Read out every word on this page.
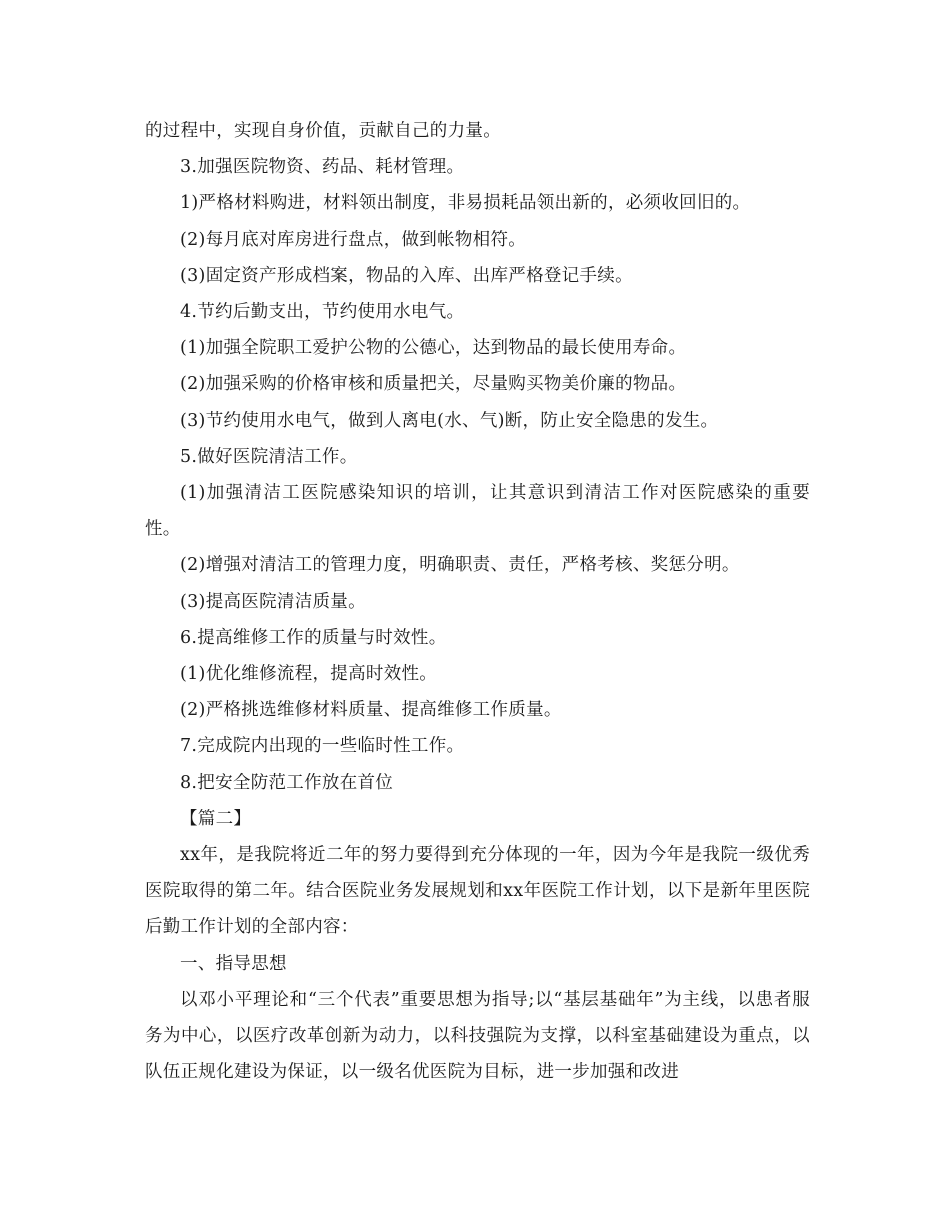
的过程中，实现自身价值，贡献自己的力量。

3.加强医院物资、药品、耗材管理。

1)严格材料购进，材料领出制度，非易损耗品领出新的，必须收回旧的。

(2)每月底对库房进行盘点，做到帐物相符。

(3)固定资产形成档案，物品的入库、出库严格登记手续。

4.节约后勤支出，节约使用水电气。

(1)加强全院职工爱护公物的公德心，达到物品的最长使用寿命。

(2)加强采购的价格审核和质量把关，尽量购买物美价廉的物品。

(3)节约使用水电气，做到人离电(水、气)断，防止安全隐患的发生。

5.做好医院清洁工作。

(1)加强清洁工医院感染知识的培训，让其意识到清洁工作对医院感染的重要性。

(2)增强对清洁工的管理力度，明确职责、责任，严格考核、奖惩分明。

(3)提高医院清洁质量。

6.提高维修工作的质量与时效性。

(1)优化维修流程，提高时效性。

(2)严格挑选维修材料质量、提高维修工作质量。

7.完成院内出现的一些临时性工作。

8.把安全防范工作放在首位

【篇二】

xx年，是我院将近二年的努力要得到充分体现的一年，因为今年是我院一级优秀医院取得的第二年。结合医院业务发展规划和xx年医院工作计划，以下是新年里医院后勤工作计划的全部内容：

一、指导思想

以邓小平理论和“三个代表”重要思想为指导;以“基层基础年”为主线，以患者服务为中心，以医疗改革创新为动力，以科技强院为支撑，以科室基础建设为重点，以队伍正规化建设为保证，以一级名优医院为目标，进一步加强和改进
